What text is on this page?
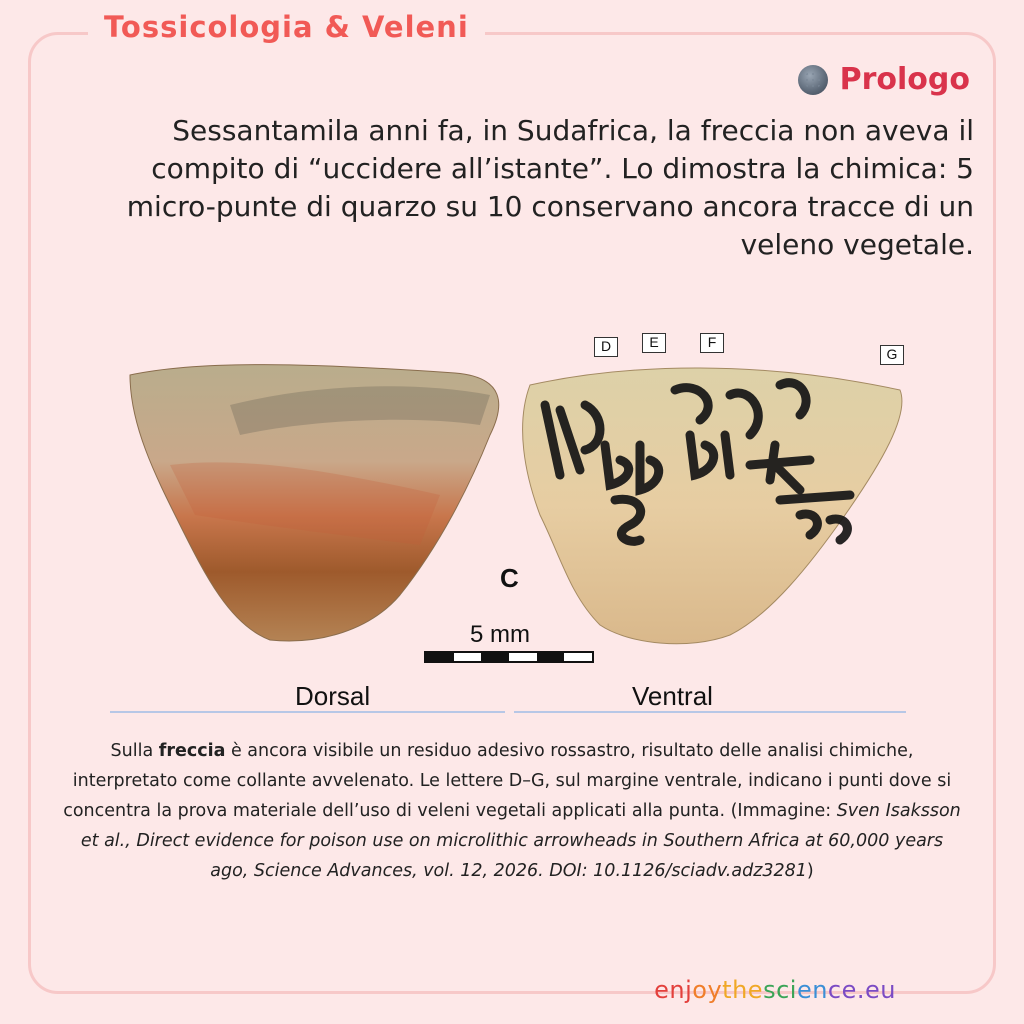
Tossicologia & Veleni
Prologo
Sessantamila anni fa, in Sudafrica, la freccia non aveva il compito di “uccidere all’istante”. Lo dimostra la chimica: 5 micro-punte di quarzo su 10 conservano ancora tracce di un veleno vegetale.
D	E	F
G
C
5 mm
Dorsal	Ventral
Sulla freccia è ancora visibile un residuo adesivo rossastro, risultato delle analisi chimiche, interpretato come collante avvelenato. Le lettere D–G, sul margine ventrale, indicano i punti dove si concentra la prova materiale dell’uso di veleni vegetali applicati alla punta. (Immagine: Sven Isaksson et al., Direct evidence for poison use on microlithic arrowheads in Southern Africa at 60,000 years ago, Science Advances, vol. 12, 2026. DOI: 10.1126/sciadv.adz3281)
enjoythescience.eu
